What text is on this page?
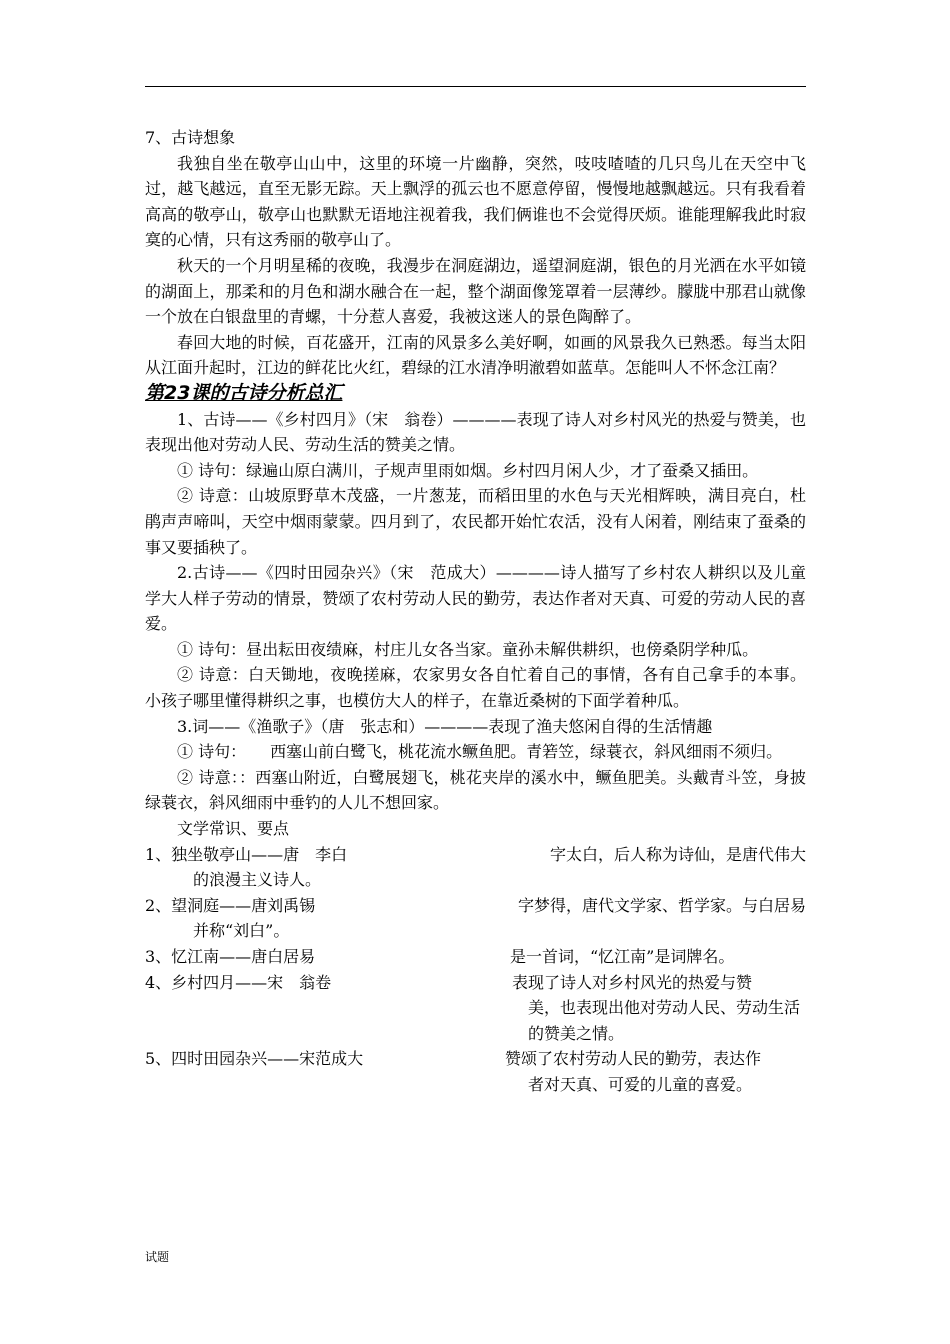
7、古诗想象

我独自坐在敬亭山山中，这里的环境一片幽静，突然，吱吱喳喳的几只鸟儿在天空中飞过，越飞越远，直至无影无踪。天上飘浮的孤云也不愿意停留，慢慢地越飘越远。只有我看着高高的敬亭山，敬亭山也默默无语地注视着我，我们俩谁也不会觉得厌烦。谁能理解我此时寂寞的心情，只有这秀丽的敬亭山了。

秋天的一个月明星稀的夜晚，我漫步在洞庭湖边，遥望洞庭湖，银色的月光洒在水平如镜的湖面上，那柔和的月色和湖水融合在一起，整个湖面像笼罩着一层薄纱。朦胧中那君山就像一个放在白银盘里的青螺，十分惹人喜爱，我被这迷人的景色陶醉了。

春回大地的时候，百花盛开，江南的风景多么美好啊，如画的风景我久已熟悉。每当太阳从江面升起时，江边的鲜花比火红，碧绿的江水清净明澈碧如蓝草。怎能叫人不怀念江南？

第23课的古诗分析总汇

1、古诗——《乡村四月》（宋　翁卷）————表现了诗人对乡村风光的热爱与赞美，也表现出他对劳动人民、劳动生活的赞美之情。

① 诗句：绿遍山原白满川，子规声里雨如烟。乡村四月闲人少，才了蚕桑又插田。

② 诗意：山坡原野草木茂盛，一片葱茏，而稻田里的水色与天光相辉映，满目亮白，杜鹃声声啼叫，天空中烟雨蒙蒙。四月到了，农民都开始忙农活，没有人闲着，刚结束了蚕桑的事又要插秧了。

2.古诗——《四时田园杂兴》（宋　范成大）————诗人描写了乡村农人耕织以及儿童学大人样子劳动的情景，赞颂了农村劳动人民的勤劳，表达作者对天真、可爱的劳动人民的喜爱。

① 诗句：昼出耘田夜绩麻，村庄儿女各当家。童孙未解供耕织，也傍桑阴学种瓜。

② 诗意：白天锄地，夜晚搓麻，农家男女各自忙着自己的事情，各有自己拿手的本事。小孩子哪里懂得耕织之事，也模仿大人的样子，在靠近桑树的下面学着种瓜。

3.词——《渔歌子》（唐　张志和）————表现了渔夫悠闲自得的生活情趣

① 诗句：　　西塞山前白鹭飞，桃花流水鳜鱼肥。青箬笠，绿蓑衣，斜风细雨不须归。

② 诗意：：西塞山附近，白鹭展翅飞，桃花夹岸的溪水中，鳜鱼肥美。头戴青斗笠，身披绿蓑衣，斜风细雨中垂钓的人儿不想回家。

文学常识、要点

1、独坐敬亭山——唐　李白	字太白，后人称为诗仙，是唐代伟大
的浪漫主义诗人。
2、望洞庭——唐刘禹锡	字梦得，唐代文学家、哲学家。与白居易
并称“刘白”。
3、忆江南——唐白居易	是一首词，“忆江南”是词牌名。
4、乡村四月——宋　翁卷	表现了诗人对乡村风光的热爱与赞
美，也表现出他对劳动人民、劳动生活的赞美之情。
5、四时田园杂兴——宋范成大	赞颂了农村劳动人民的勤劳，表达作
者对天真、可爱的儿童的喜爱。
试题
